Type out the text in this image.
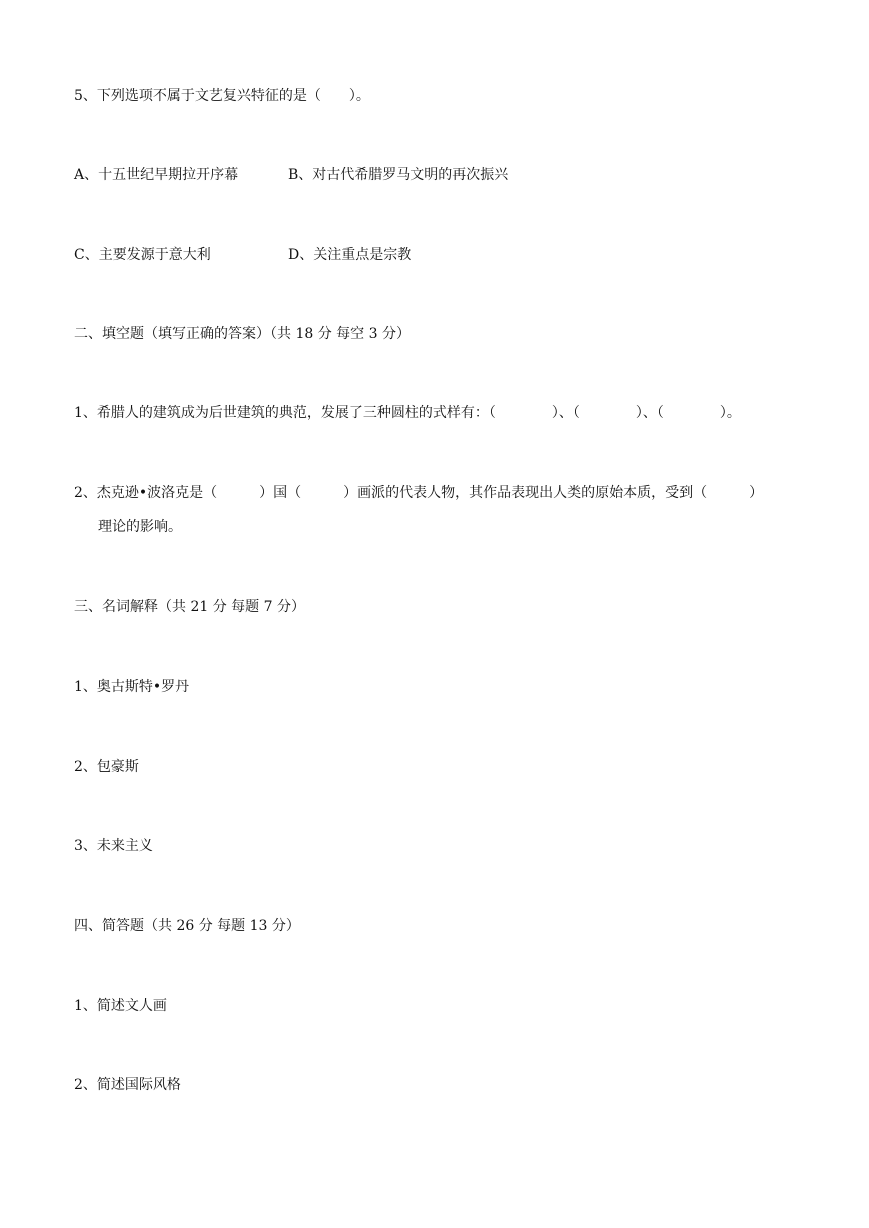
5、下列选项不属于文艺复兴特征的是（　　）。
A、十五世纪早期拉开序幕	B、对古代希腊罗马文明的再次振兴
C、主要发源于意大利	D、关注重点是宗教
二、填空题（填写正确的答案）（共 18 分 每空 3 分）
1、希腊人的建筑成为后世建筑的典范，发展了三种圆柱的式样有：（　　　　）、（　　　　）、（　　　　）。
2、杰克逊•波洛克是（　　　）国（　　　）画派的代表人物，其作品表现出人类的原始本质，受到（　　　）
理论的影响。
三、名词解释（共 21 分 每题 7 分）
1、奥古斯特•罗丹
2、包豪斯
3、未来主义
四、简答题（共 26 分 每题 13 分）
1、简述文人画
2、简述国际风格
